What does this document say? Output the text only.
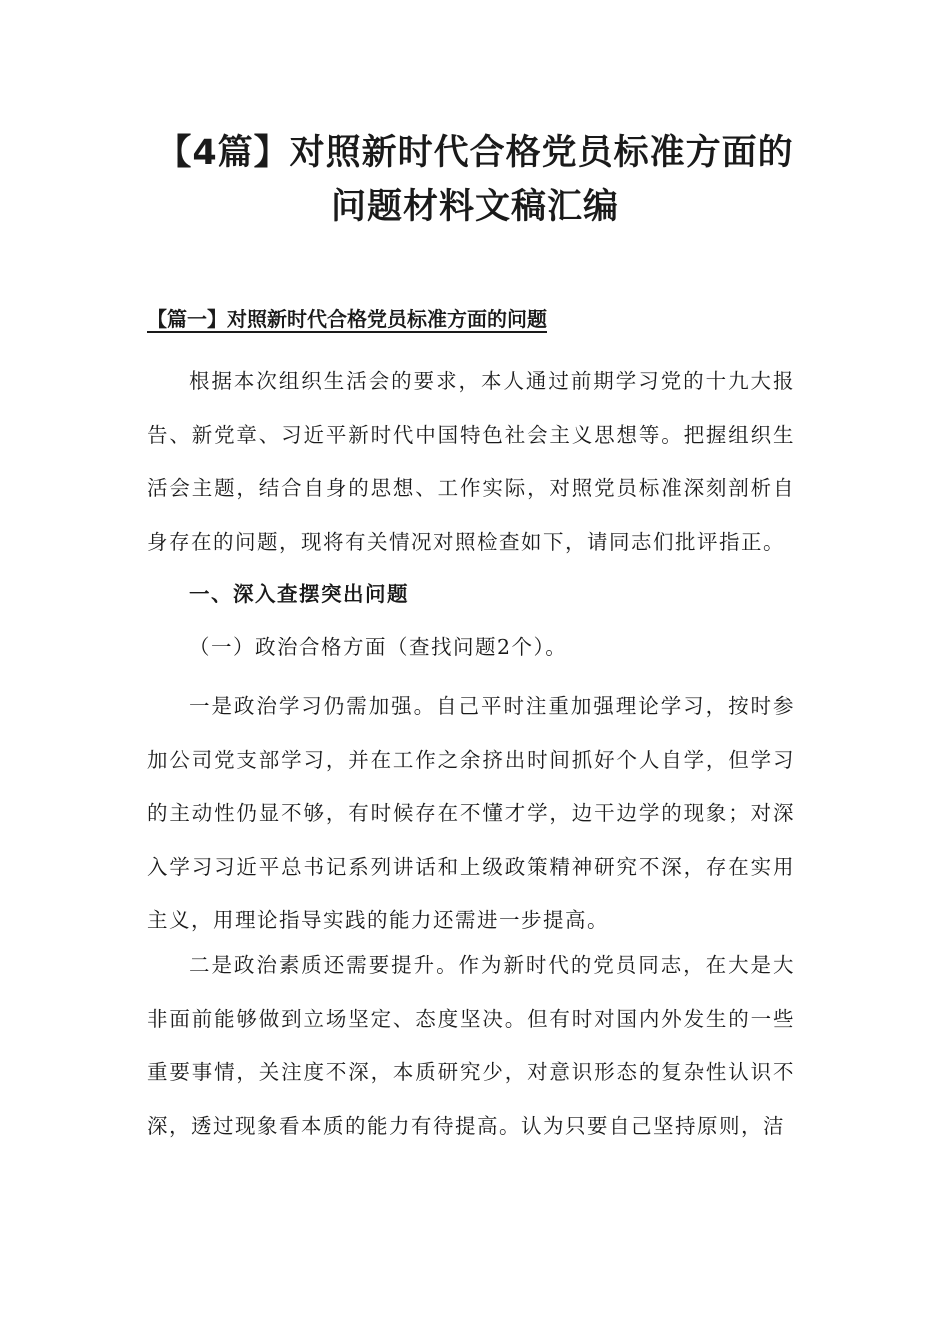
【4篇】对照新时代合格党员标准方面的问题材料文稿汇编
【篇一】对照新时代合格党员标准方面的问题

根据本次组织生活会的要求，本人通过前期学习党的十九大报告、新党章、习近平新时代中国特色社会主义思想等。把握组织生活会主题，结合自身的思想、工作实际，对照党员标准深刻剖析自身存在的问题，现将有关情况对照检查如下，请同志们批评指正。

一、深入查摆突出问题

（一）政治合格方面（查找问题2个）。

一是政治学习仍需加强。自己平时注重加强理论学习，按时参加公司党支部学习，并在工作之余挤出时间抓好个人自学，但学习的主动性仍显不够，有时候存在不懂才学，边干边学的现象；对深入学习习近平总书记系列讲话和上级政策精神研究不深，存在实用主义，用理论指导实践的能力还需进一步提高。

二是政治素质还需要提升。作为新时代的党员同志，在大是大非面前能够做到立场坚定、态度坚决。但有时对国内外发生的一些重要事情，关注度不深，本质研究少，对意识形态的复杂性认识不深，透过现象看本质的能力有待提高。认为只要自己坚持原则，洁
